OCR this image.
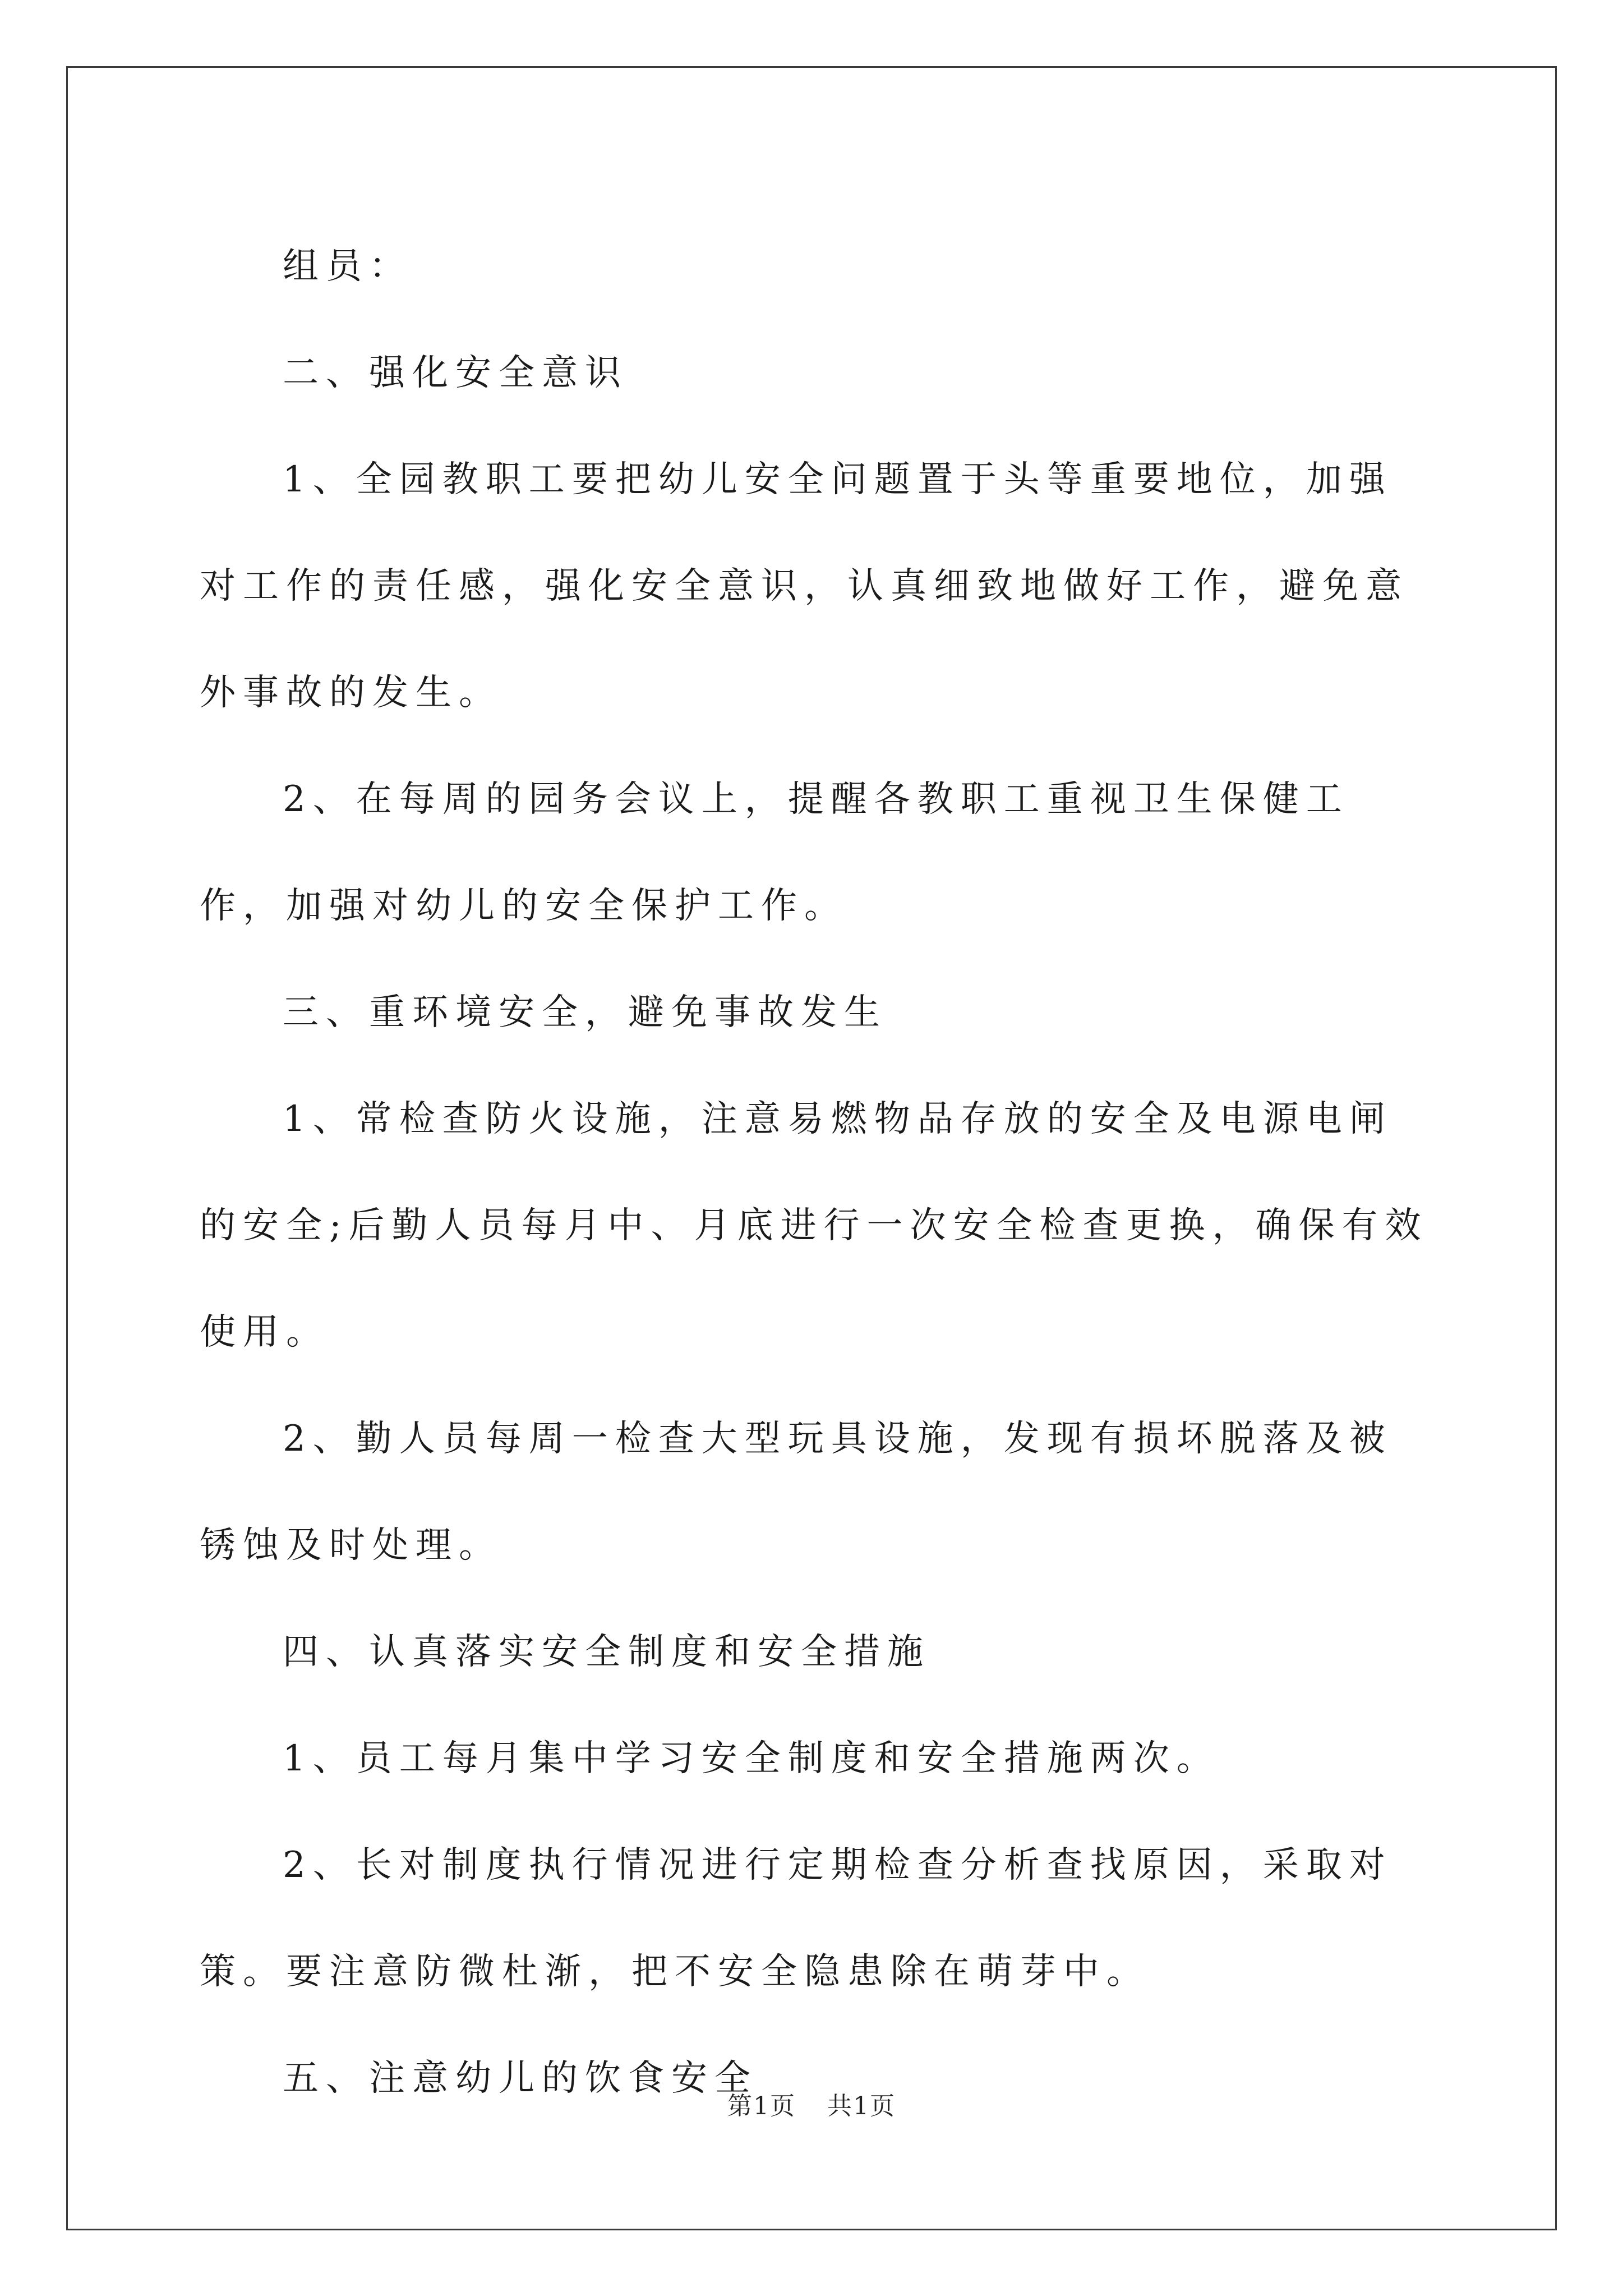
组员：

二、强化安全意识

1、全园教职工要把幼儿安全问题置于头等重要地位，加强对工作的责任感，强化安全意识，认真细致地做好工作，避免意外事故的发生。

2、在每周的园务会议上，提醒各教职工重视卫生保健工作，加强对幼儿的安全保护工作。

三、重环境安全，避免事故发生

1、常检查防火设施，注意易燃物品存放的安全及电源电闸的安全;后勤人员每月中、月底进行一次安全检查更换，确保有效使用。

2、勤人员每周一检查大型玩具设施，发现有损坏脱落及被锈蚀及时处理。

四、认真落实安全制度和安全措施

1、员工每月集中学习安全制度和安全措施两次。

2、长对制度执行情况进行定期检查分析查找原因，采取对策。要注意防微杜渐，把不安全隐患除在萌芽中。

五、注意幼儿的饮食安全

第1页 共1页
